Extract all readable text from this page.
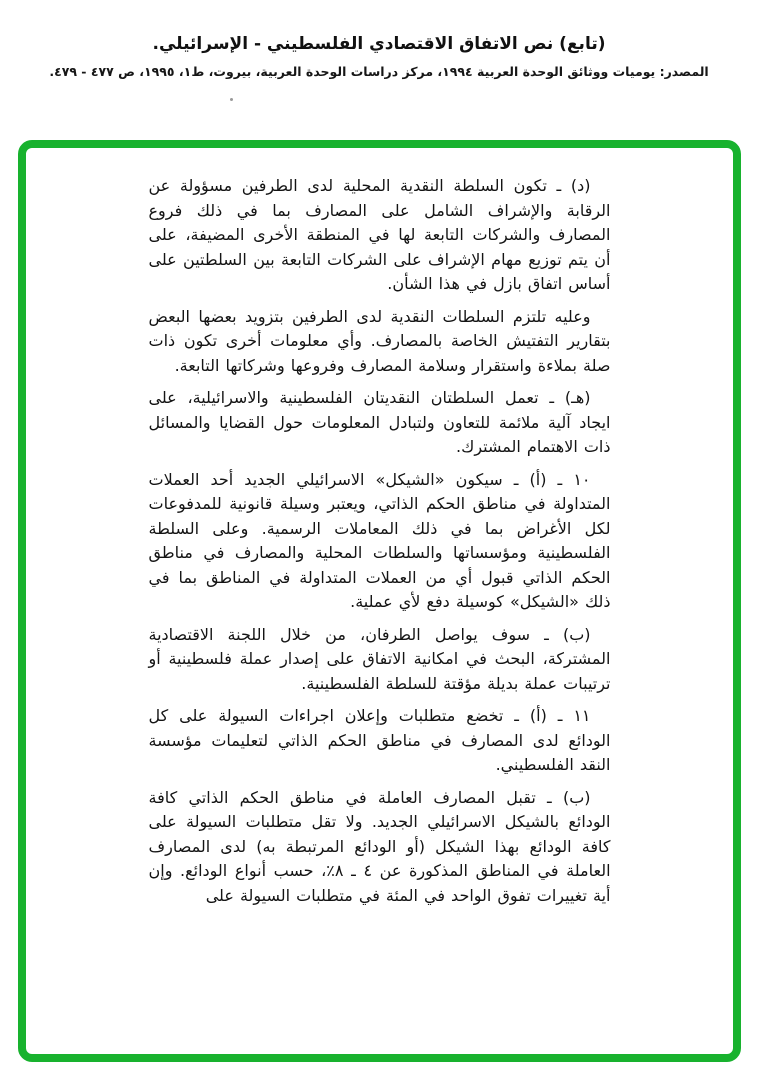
(تابع) نص الاتفاق الاقتصادي الفلسطيني - الإسرائيلي.
المصدر: يوميات ووثائق الوحدة العربية ١٩٩٤، مركز دراسات الوحدة العربية، بيروت، ط١، ١٩٩٥، ص ٤٧٧ - ٤٧٩.

(د) ـ تكون السلطة النقدية المحلية لدى الطرفين مسؤولة عن الرقابة والإشراف الشامل على المصارف بما في ذلك فروع المصارف والشركات التابعة لها في المنطقة الأخرى المضيفة، على أن يتم توزيع مهام الإشراف على الشركات التابعة بين السلطتين على أساس اتفاق بازل في هذا الشأن.

وعليه تلتزم السلطات النقدية لدى الطرفين بتزويد بعضها البعض بتقارير التفتيش الخاصة بالمصارف. وأي معلومات أخرى تكون ذات صلة بملاءة واستقرار وسلامة المصارف وفروعها وشركاتها التابعة.

(هـ) ـ تعمل السلطتان النقديتان الفلسطينية والاسرائيلية، على ايجاد آلية ملائمة للتعاون ولتبادل المعلومات حول القضايا والمسائل ذات الاهتمام المشترك.

١٠ ـ (أ) ـ سيكون «الشيكل» الاسرائيلي الجديد أحد العملات المتداولة في مناطق الحكم الذاتي، ويعتبر وسيلة قانونية للمدفوعات لكل الأغراض بما في ذلك المعاملات الرسمية. وعلى السلطة الفلسطينية ومؤسساتها والسلطات المحلية والمصارف في مناطق الحكم الذاتي قبول أي من العملات المتداولة في المناطق بما في ذلك «الشيكل» كوسيلة دفع لأي عملية.

(ب) ـ سوف يواصل الطرفان، من خلال اللجنة الاقتصادية المشتركة، البحث في امكانية الاتفاق على إصدار عملة فلسطينية أو ترتيبات عملة بديلة مؤقتة للسلطة الفلسطينية.

١١ ـ (أ) ـ تخضع متطلبات وإعلان اجراءات السيولة على كل الودائع لدى المصارف في مناطق الحكم الذاتي لتعليمات مؤسسة النقد الفلسطيني.

(ب) ـ تقبل المصارف العاملة في مناطق الحكم الذاتي كافة الودائع بالشيكل الاسرائيلي الجديد. ولا تقل متطلبات السيولة على كافة الودائع بهذا الشيكل (أو الودائع المرتبطة به) لدى المصارف العاملة في المناطق المذكورة عن ٤ ـ ٨٪، حسب أنواع الودائع. وإن أية تغييرات تفوق الواحد في المئة في متطلبات السيولة على
